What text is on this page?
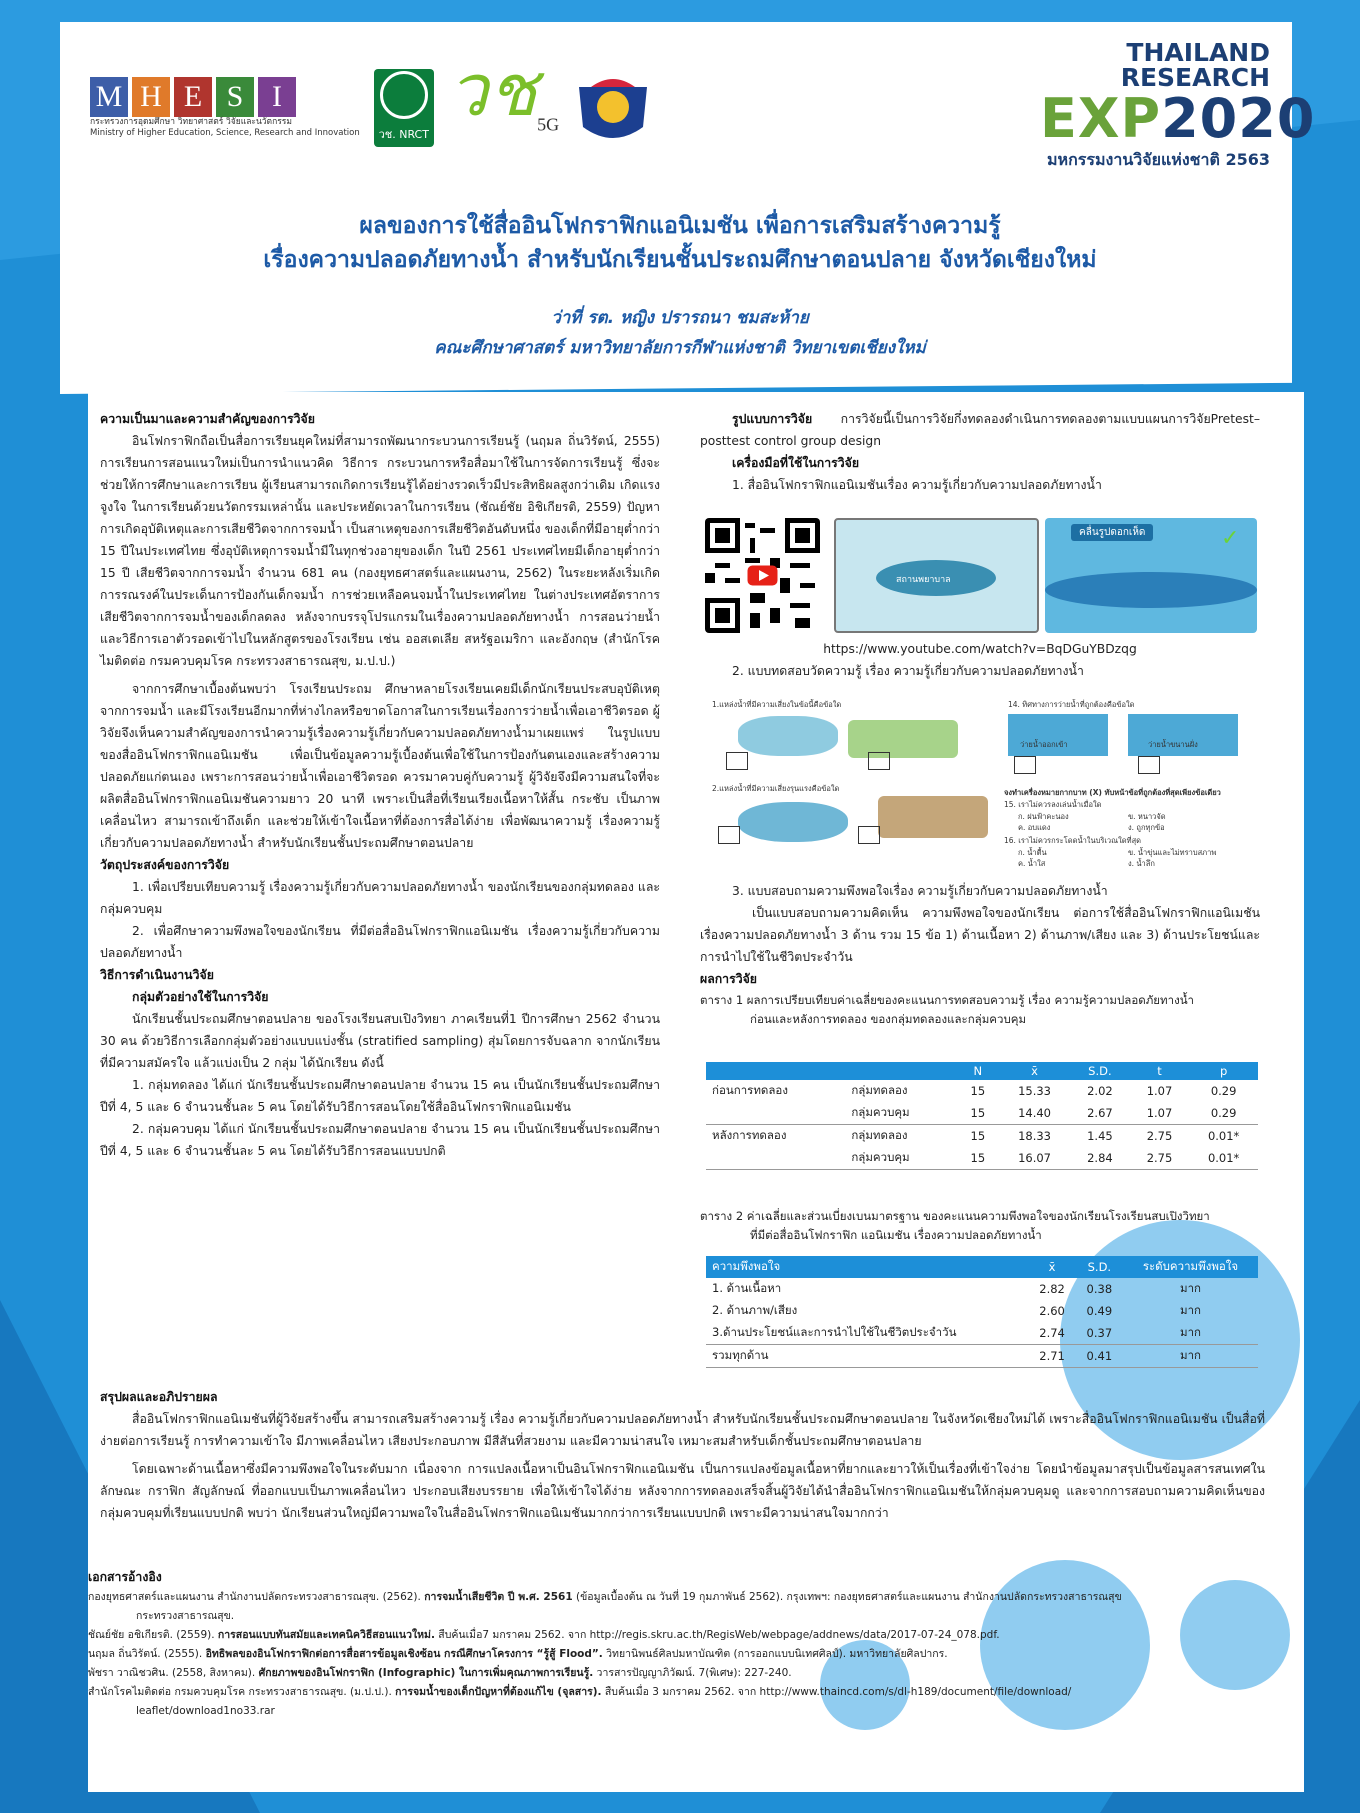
M H E S I
กระทรวงการอุดมศึกษา วิทยาศาสตร์ วิจัยและนวัตกรรม
Ministry of Higher Education, Science, Research and Innovation วช. NRCT
วช$_{5G}$
THAILAND RESEARCH
EXP2020
มหกรรมงานวิจัยแห่งชาติ 2563
ผลของการใช้สื่ออินโฟกราฟิกแอนิเมชัน เพื่อการเสริมสร้างความรู้
เรื่องความปลอดภัยทางน้ำ สำหรับนักเรียนชั้นประถมศึกษาตอนปลาย จังหวัดเชียงใหม่
ว่าที่ รต. หญิง ปรารถนา ชมสะห้าย
คณะศึกษาศาสตร์ มหาวิทยาลัยการกีฬาแห่งชาติ วิทยาเขตเชียงใหม่

ความเป็นมาและความสำคัญของการวิจัย

อินโฟกราฟิกถือเป็นสื่อการเรียนยุคใหม่ที่สามารถพัฒนากระบวนการเรียนรู้ (นฤมล ถิ่นวิรัตน์, 2555) การเรียนการสอนแนวใหม่เป็นการนำแนวคิด วิธีการ กระบวนการหรือสื่อมาใช้ในการจัดการเรียนรู้ ซึ่งจะช่วยให้การศึกษาและการเรียน ผู้เรียนสามารถเกิดการเรียนรู้ได้อย่างรวดเร็วมีประสิทธิผลสูงกว่าเดิม เกิดแรงจูงใจ ในการเรียนด้วยนวัตกรรมเหล่านั้น และประหยัดเวลาในการเรียน (ชัณย์ชัย อิชิเกียรติ, 2559) ปัญหาการเกิดอุบัติเหตุและการเสียชีวิตจากการจมน้ำ เป็นสาเหตุของการเสียชีวิตอันดับหนึ่ง ของเด็กที่มีอายุต่ำกว่า 15 ปีในประเทศไทย ซึ่งอุบัติเหตุการจมน้ำมีในทุกช่วงอายุของเด็ก ในปี 2561 ประเทศไทยมีเด็กอายุต่ำกว่า 15 ปี เสียชีวิตจากการจมน้ำ จำนวน 681 คน (กองยุทธศาสตร์และแผนงาน, 2562) ในระยะหลังเริ่มเกิดการรณรงค์ในประเด็นการป้องกันเด็กจมน้ำ การช่วยเหลือคนจมน้ำในประเทศไทย ในต่างประเทศอัตราการเสียชีวิตจากการจมน้ำของเด็กลดลง หลังจากบรรจุโปรแกรมในเรื่องความปลอดภัยทางน้ำ การสอนว่ายน้ำ และวิธีการเอาตัวรอดเข้าไปในหลักสูตรของโรงเรียน เช่น ออสเตเลีย สหรัฐอเมริกา และอังกฤษ (สำนักโรคไมติดต่อ กรมควบคุมโรค กระทรวงสาธารณสุข, ม.ป.ป.)

จากการศึกษาเบื้องต้นพบว่า โรงเรียนประถม ศึกษาหลายโรงเรียนเคยมีเด็กนักเรียนประสบอุบัติเหตุจากการจมน้ำ และมีโรงเรียนอีกมากที่ห่างไกลหรือขาดโอกาสในการเรียนเรื่องการว่ายน้ำเพื่อเอาชีวิตรอด ผู้วิจัยจึงเห็นความสำคัญของการนำความรู้เรื่องความรู้เกี่ยวกับความปลอดภัยทางน้ำมาเผยแพร่ ในรูปแบบของสื่ออินโฟกราฟิกแอนิเมชัน เพื่อเป็นข้อมูลความรู้เบื้องต้นเพื่อใช้ในการป้องกันตนเองและสร้างความปลอดภัยแก่ตนเอง เพราะการสอนว่ายน้ำเพื่อเอาชีวิตรอด ควรมาควบคู่กับความรู้ ผู้วิจัยจึงมีความสนใจที่จะผลิตสื่ออินโฟกราฟิกแอนิเมชันความยาว 20 นาที เพราะเป็นสื่อที่เรียนเรียงเนื้อหาให้สั้น กระชับ เป็นภาพเคลื่อนไหว สามารถเข้าถึงเด็ก และช่วยให้เข้าใจเนื้อหาที่ต้องการสื่อได้ง่าย เพื่อพัฒนาความรู้ เรื่องความรู้เกี่ยวกับความปลอดภัยทางน้ำ สำหรับนักเรียนชั้นประถมศึกษาตอนปลาย

วัตถุประสงค์ของการวิจัย

1. เพื่อเปรียบเทียบความรู้ เรื่องความรู้เกี่ยวกับความปลอดภัยทางน้ำ ของนักเรียนของกลุ่มทดลอง และ กลุ่มควบคุม

2. เพื่อศึกษาความพึงพอใจของนักเรียน ที่มีต่อสื่ออินโฟกราฟิกแอนิเมชัน เรื่องความรู้เกี่ยวกับความปลอดภัยทางน้ำ

วิธีการดำเนินงานวิจัย

กลุ่มตัวอย่างใช้ในการวิจัย

นักเรียนชั้นประถมศึกษาตอนปลาย ของโรงเรียนสบเปิงวิทยา ภาคเรียนที่1 ปีการศึกษา 2562 จำนวน 30 คน ด้วยวิธีการเลือกกลุ่มตัวอย่างแบบแบ่งชั้น (stratified sampling) สุ่มโดยการจับฉลาก จากนักเรียนที่มีความสมัครใจ แล้วแบ่งเป็น 2 กลุ่ม ได้นักเรียน ดังนี้

1. กลุ่มทดลอง ได้แก่ นักเรียนชั้นประถมศึกษาตอนปลาย จำนวน 15 คน เป็นนักเรียนชั้นประถมศึกษาปีที่ 4, 5 และ 6 จำนวนชั้นละ 5 คน โดยได้รับวิธีการสอนโดยใช้สื่ออินโฟกราฟิกแอนิเมชัน

2. กลุ่มควบคุม ได้แก่ นักเรียนชั้นประถมศึกษาตอนปลาย จำนวน 15 คน เป็นนักเรียนชั้นประถมศึกษาปีที่ 4, 5 และ 6 จำนวนชั้นละ 5 คน โดยได้รับวิธีการสอนแบบปกติ

รูปแบบการวิจัย การวิจัยนี้เป็นการวิจัยกึ่งทดลองดำเนินการทดลองตามแบบแผนการวิจัยPretest–posttest control group design

เครื่องมือที่ใช้ในการวิจัย

1. สื่ออินโฟกราฟิกแอนิเมชันเรื่อง ความรู้เกี่ยวกับความปลอดภัยทางน้ำ

สถานพยาบาล
คลื่นรูปดอกเห็ด	✓

https://www.youtube.com/watch?v=BqDGuYBDzqg

2. แบบทดสอบวัดความรู้ เรื่อง ความรู้เกี่ยวกับความปลอดภัยทางน้ำ

1.แหล่งน้ำที่มีความเสี่ยงในข้อนี้คือข้อใด	14. ทิศทางการว่ายน้ำที่ถูกต้องคือข้อใด
ว่ายน้ำออกเข้า	ว่ายน้ำขนานฝั่ง
2.แหล่งน้ำที่มีความเสี่ยงรุนแรงคือข้อใด	จงทำเครื่องหมายกากบาท (X) ทับหน้าข้อที่ถูกต้องที่สุดเพียงข้อเดียว
15. เราไม่ควรลงเล่นน้ำเมื่อใด
ก. ฝนฟ้าคะนอง	ข. หนาวจัด
ค. อบแดง	ง. ถูกทุกข้อ
16. เราไม่ควรกระโดดน้ำในบริเวณใดที่สุด
ก. น้ำตื้น	ข. น้ำขุ่นและไม่ทราบสภาพ
ค. น้ำใส	ง. น้ำลึก

3. แบบสอบถามความพึงพอใจเรื่อง ความรู้เกี่ยวกับความปลอดภัยทางน้ำ

เป็นแบบสอบถามความคิดเห็น ความพึงพอใจของนักเรียน ต่อการใช้สื่ออินโฟกราฟิกแอนิเมชัน เรื่องความปลอดภัยทางน้ำ 3 ด้าน รวม 15 ข้อ 1) ด้านเนื้อหา 2) ด้านภาพ/เสียง และ 3) ด้านประโยชน์และการนำไปใช้ในชีวิตประจำวัน

ผลการวิจัย

ตาราง 1 ผลการเปรียบเทียบค่าเฉลี่ยของคะแนนการทดสอบความรู้ เรื่อง ความรู้ความปลอดภัยทางน้ำ

ก่อนและหลังการทดลอง ของกลุ่มทดลองและกลุ่มควบคุม

		N	x̄	S.D.	t	p
ก่อนการทดลอง	กลุ่มทดลอง	15	15.33	2.02	1.07	0.29
	กลุ่มควบคุม	15	14.40	2.67	1.07	0.29
หลังการทดลอง	กลุ่มทดลอง	15	18.33	1.45	2.75	0.01*
	กลุ่มควบคุม	15	16.07	2.84	2.75	0.01*

ตาราง 2 ค่าเฉลี่ยและส่วนเบี่ยงเบนมาตรฐาน ของคะแนนความพึงพอใจของนักเรียนโรงเรียนสบเปิงวิทยา

ที่มีต่อสื่ออินโฟกราฟิก แอนิเมชัน เรื่องความปลอดภัยทางน้ำ

ความพึงพอใจ	x̄	S.D.	ระดับความพึงพอใจ
1. ด้านเนื้อหา	2.82	0.38	มาก
2. ด้านภาพ/เสียง	2.60	0.49	มาก
3.ด้านประโยชน์และการนำไปใช้ในชีวิตประจำวัน	2.74	0.37	มาก
รวมทุกด้าน	2.71	0.41	มาก

สรุปผลและอภิปรายผล

สื่ออินโฟกราฟิกแอนิเมชันที่ผู้วิจัยสร้างขึ้น สามารถเสริมสร้างความรู้ เรื่อง ความรู้เกี่ยวกับความปลอดภัยทางน้ำ สำหรับนักเรียนชั้นประถมศึกษาตอนปลาย ในจังหวัดเชียงใหม่ได้ เพราะสื่ออินโฟกราฟิกแอนิเมชัน เป็นสื่อที่ง่ายต่อการเรียนรู้ การทำความเข้าใจ มีภาพเคลื่อนไหว เสียงประกอบภาพ มีสีสันที่สวยงาม และมีความน่าสนใจ เหมาะสมสำหรับเด็กชั้นประถมศึกษาตอนปลาย

โดยเฉพาะด้านเนื้อหาซึ่งมีความพึงพอใจในระดับมาก เนื่องจาก การแปลงเนื้อหาเป็นอินโฟกราฟิกแอนิเมชัน เป็นการแปลงข้อมูลเนื้อหาที่ยากและยาวให้เป็นเรื่องที่เข้าใจง่าย โดยนำข้อมูลมาสรุปเป็นข้อมูลสารสนเทศในลักษณะ กราฟิก สัญลักษณ์ ที่ออกแบบเป็นภาพเคลื่อนไหว ประกอบเสียงบรรยาย เพื่อให้เข้าใจได้ง่าย หลังจากการทดลองเสร็จสิ้นผู้วิจัยได้นำสื่ออินโฟกราฟิกแอนิเมชันให้กลุ่มควบคุมดู และจากการสอบถามความคิดเห็นของกลุ่มควบคุมที่เรียนแบบปกติ พบว่า นักเรียนส่วนใหญ่มีความพอใจในสื่ออินโฟกราฟิกแอนิเมชันมากกว่าการเรียนแบบปกติ เพราะมีความน่าสนใจมากกว่า

เอกสารอ้างอิง

กองยุทธศาสตร์และแผนงาน สำนักงานปลัดกระทรวงสาธารณสุข. (2562). การจมน้ำเสียชีวิต ปี พ.ศ. 2561 (ข้อมูลเบื้องต้น ณ วันที่ 19 กุมภาพันธ์ 2562). กรุงเทพฯ: กองยุทธศาสตร์และแผนงาน สำนักงานปลัดกระทรวงสาธารณสุข

กระทรวงสาธารณสุข.

ชัณย์ชัย อชิเกียรติ. (2559). การสอนแบบทันสมัยและเทคนิควิธีสอนแนวใหม่. สืบค้นเมื่อ7 มกราคม 2562. จาก http://regis.skru.ac.th/RegisWeb/webpage/addnews/data/2017-07-24_078.pdf.

นฤมล ถิ่นวิรัตน์. (2555). อิทธิพลของอินโฟกราฟิกต่อการสื่อสารข้อมูลเชิงซ้อน กรณีศึกษาโครงการ “รู้สู้ Flood”. วิทยานิพนธ์ศิลปมหาบัณฑิต (การออกแบบนิเทศศิลป์). มหาวิทยาลัยศิลปากร.

พัชรา วาณิชวศิน. (2558, สิงหาคม). ศักยภาพของอินโฟกราฟิก (Infographic) ในการเพิ่มคุณภาพการเรียนรู้. วารสารปัญญาภิวัฒน์. 7(พิเศษ): 227-240.

สำนักโรคไมติดต่อ กรมควบคุมโรค กระทรวงสาธารณสุข. (ม.ป.ป.). การจมน้ำของเด็กปัญหาที่ต้องแก้ไข (จุลสาร). สืบค้นเมื่อ 3 มกราคม 2562. จาก http://www.thaincd.com/s/dl-h189/document/file/download/

leaflet/download1no33.rar
